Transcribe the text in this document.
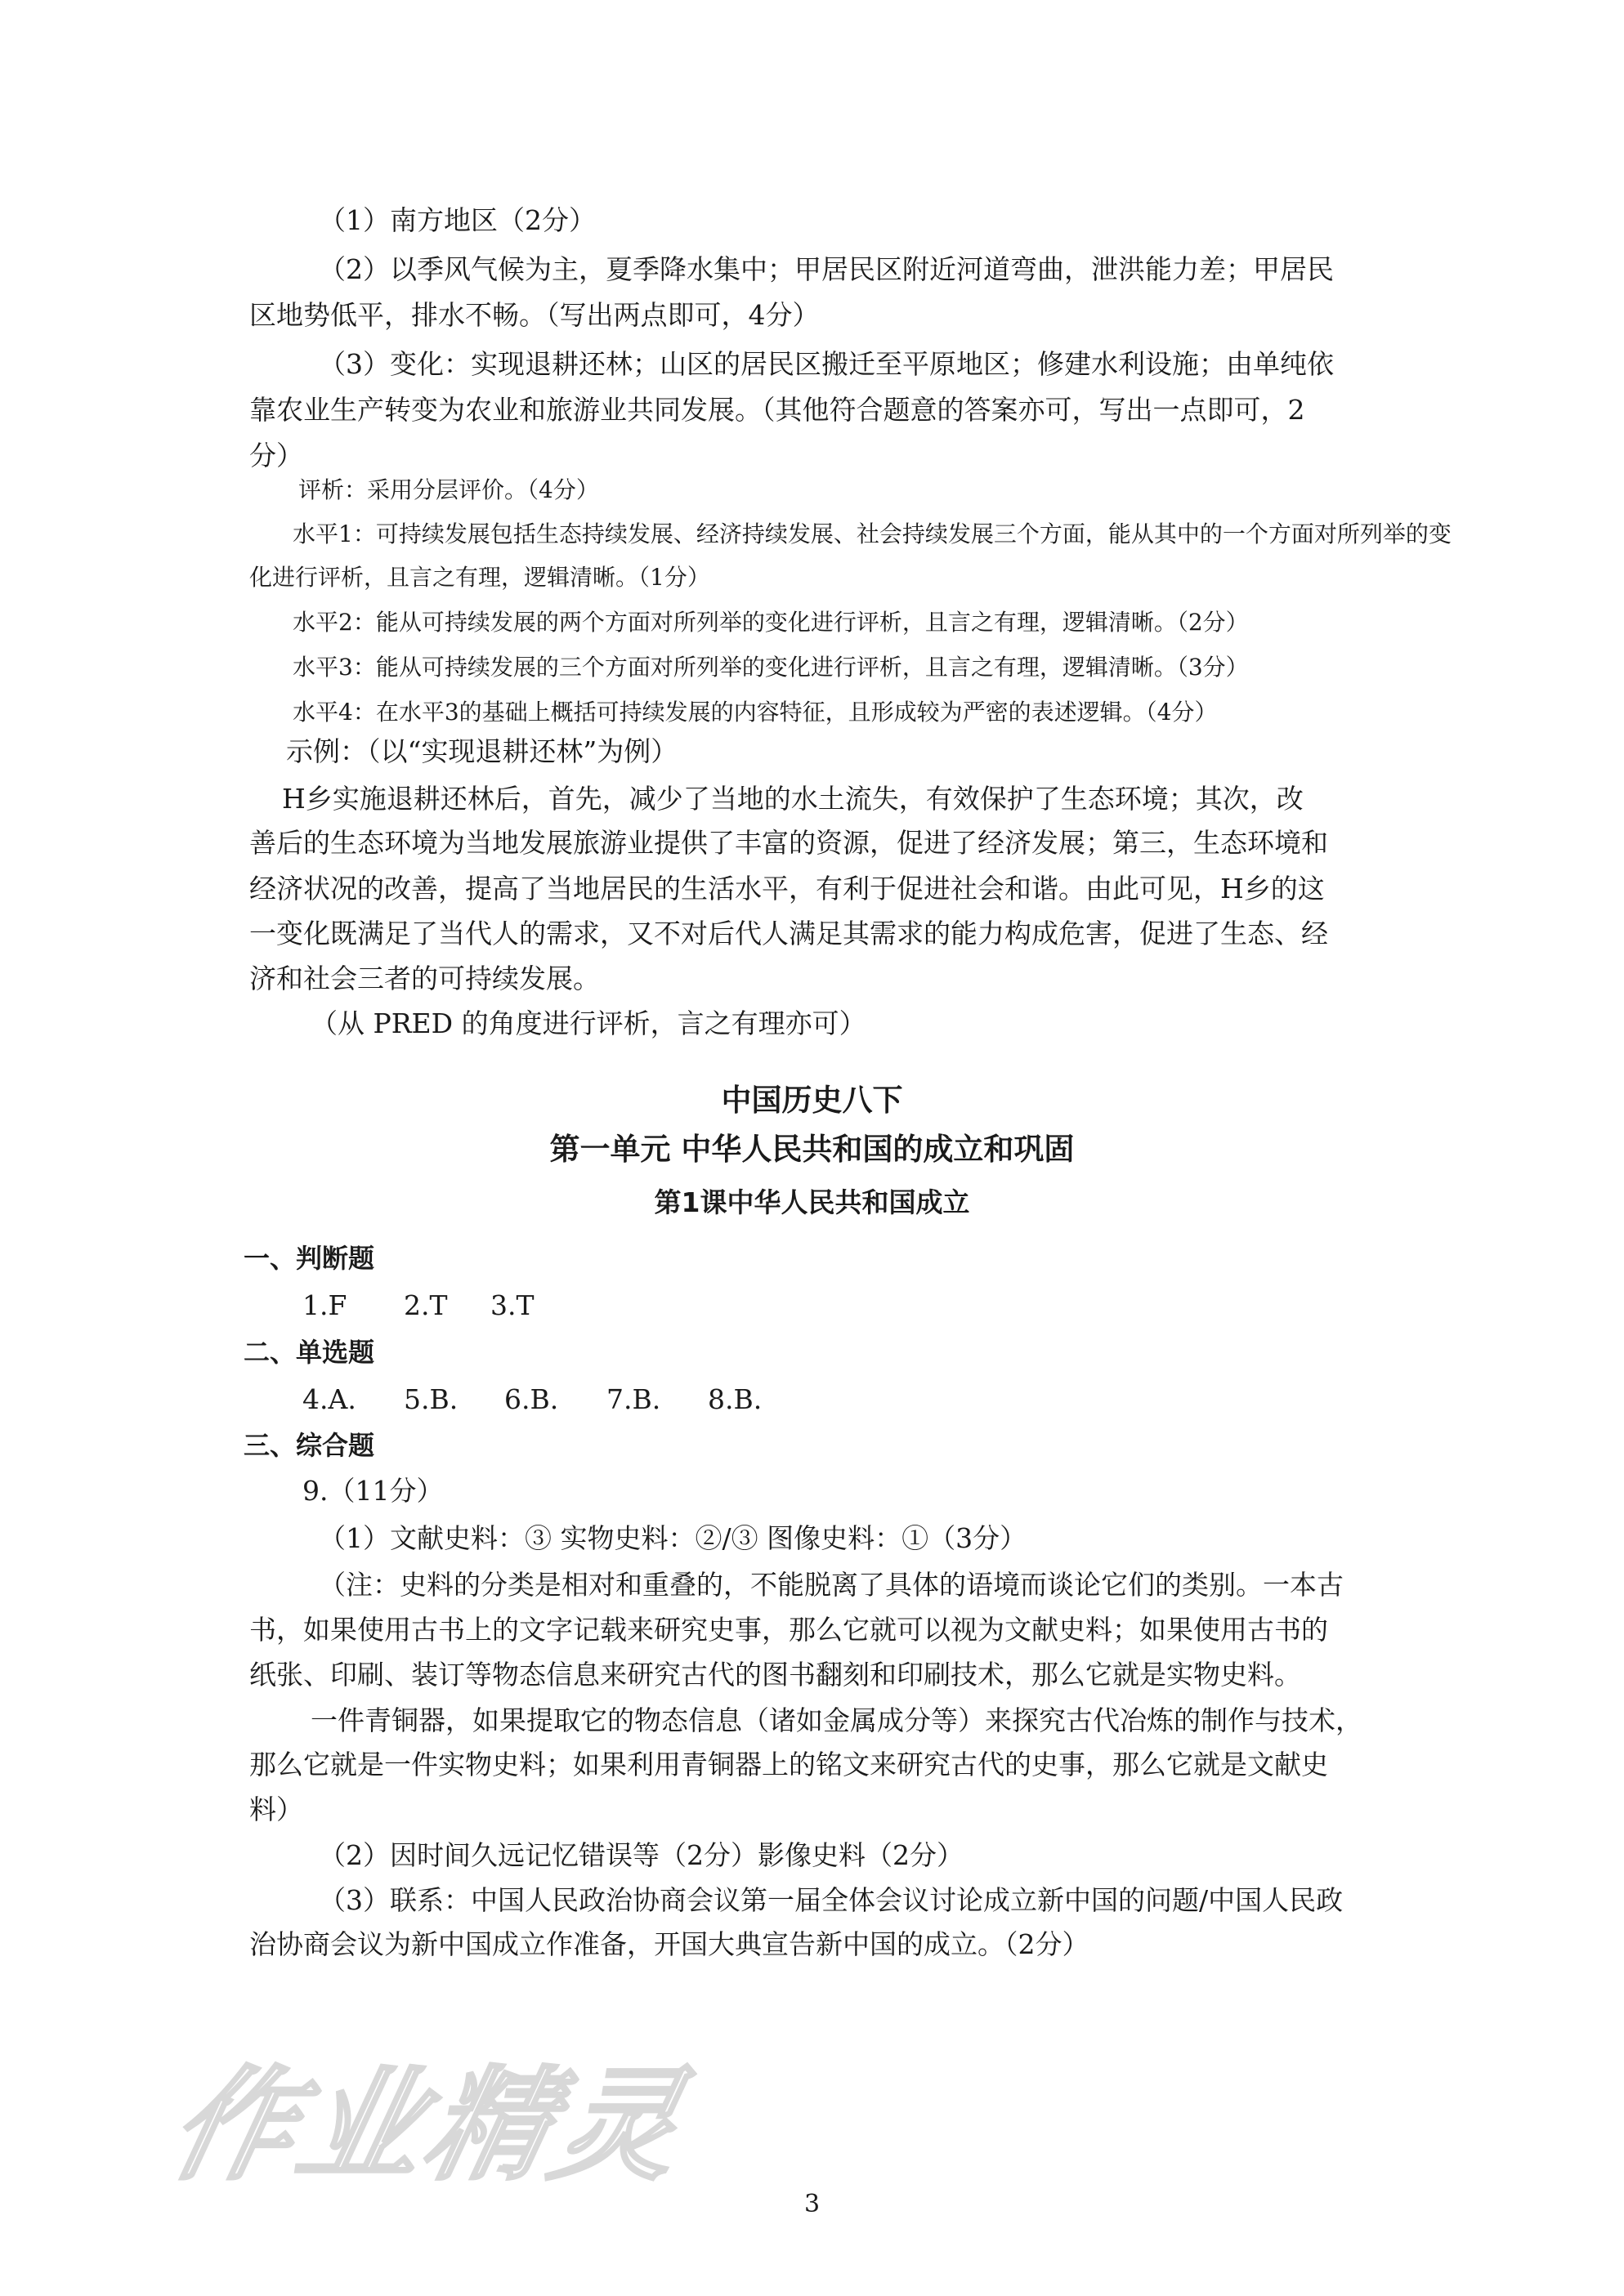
（1）南方地区（2分）
（2）以季风气候为主，夏季降水集中；甲居民区附近河道弯曲，泄洪能力差；甲居民
区地势低平，排水不畅。（写出两点即可，4分）
（3）变化：实现退耕还林；山区的居民区搬迁至平原地区；修建水利设施；由单纯依
靠农业生产转变为农业和旅游业共同发展。（其他符合题意的答案亦可，写出一点即可，2
分）
评析：采用分层评价。（4分）
水平1：可持续发展包括生态持续发展、经济持续发展、社会持续发展三个方面，能从其中的一个方面对所列举的变
化进行评析，且言之有理，逻辑清晰。（1分）
水平2：能从可持续发展的两个方面对所列举的变化进行评析，且言之有理，逻辑清晰。（2分）
水平3：能从可持续发展的三个方面对所列举的变化进行评析，且言之有理，逻辑清晰。（3分）
水平4：在水平3的基础上概括可持续发展的内容特征，且形成较为严密的表述逻辑。（4分）
示例：（以“实现退耕还林”为例）
H乡实施退耕还林后，首先，减少了当地的水土流失，有效保护了生态环境；其次，改
善后的生态环境为当地发展旅游业提供了丰富的资源，促进了经济发展；第三，生态环境和
经济状况的改善，提高了当地居民的生活水平，有利于促进社会和谐。由此可见，H乡的这
一变化既满足了当代人的需求，又不对后代人满足其需求的能力构成危害，促进了生态、经
济和社会三者的可持续发展。
（从 PRED 的角度进行评析，言之有理亦可）
中国历史八下
第一单元 中华人民共和国的成立和巩固
第1课中华人民共和国成立
一、判断题
1.F 2.T 3.T
二、单选题
4.A. 5.B. 6.B. 7.B. 8.B.
三、综合题
9.（11分）
（1）文献史料：③ 实物史料：②/③ 图像史料：①（3分）
（注：史料的分类是相对和重叠的，不能脱离了具体的语境而谈论它们的类别。一本古
书，如果使用古书上的文字记载来研究史事，那么它就可以视为文献史料；如果使用古书的
纸张、印刷、装订等物态信息来研究古代的图书翻刻和印刷技术，那么它就是实物史料。
一件青铜器，如果提取它的物态信息（诸如金属成分等）来探究古代冶炼的制作与技术，
那么它就是一件实物史料；如果利用青铜器上的铭文来研究古代的史事，那么它就是文献史
料）
（2）因时间久远记忆错误等（2分）影像史料（2分）
（3）联系：中国人民政治协商会议第一届全体会议讨论成立新中国的问题/中国人民政
治协商会议为新中国成立作准备，开国大典宣告新中国的成立。（2分）
作业精灵
3
